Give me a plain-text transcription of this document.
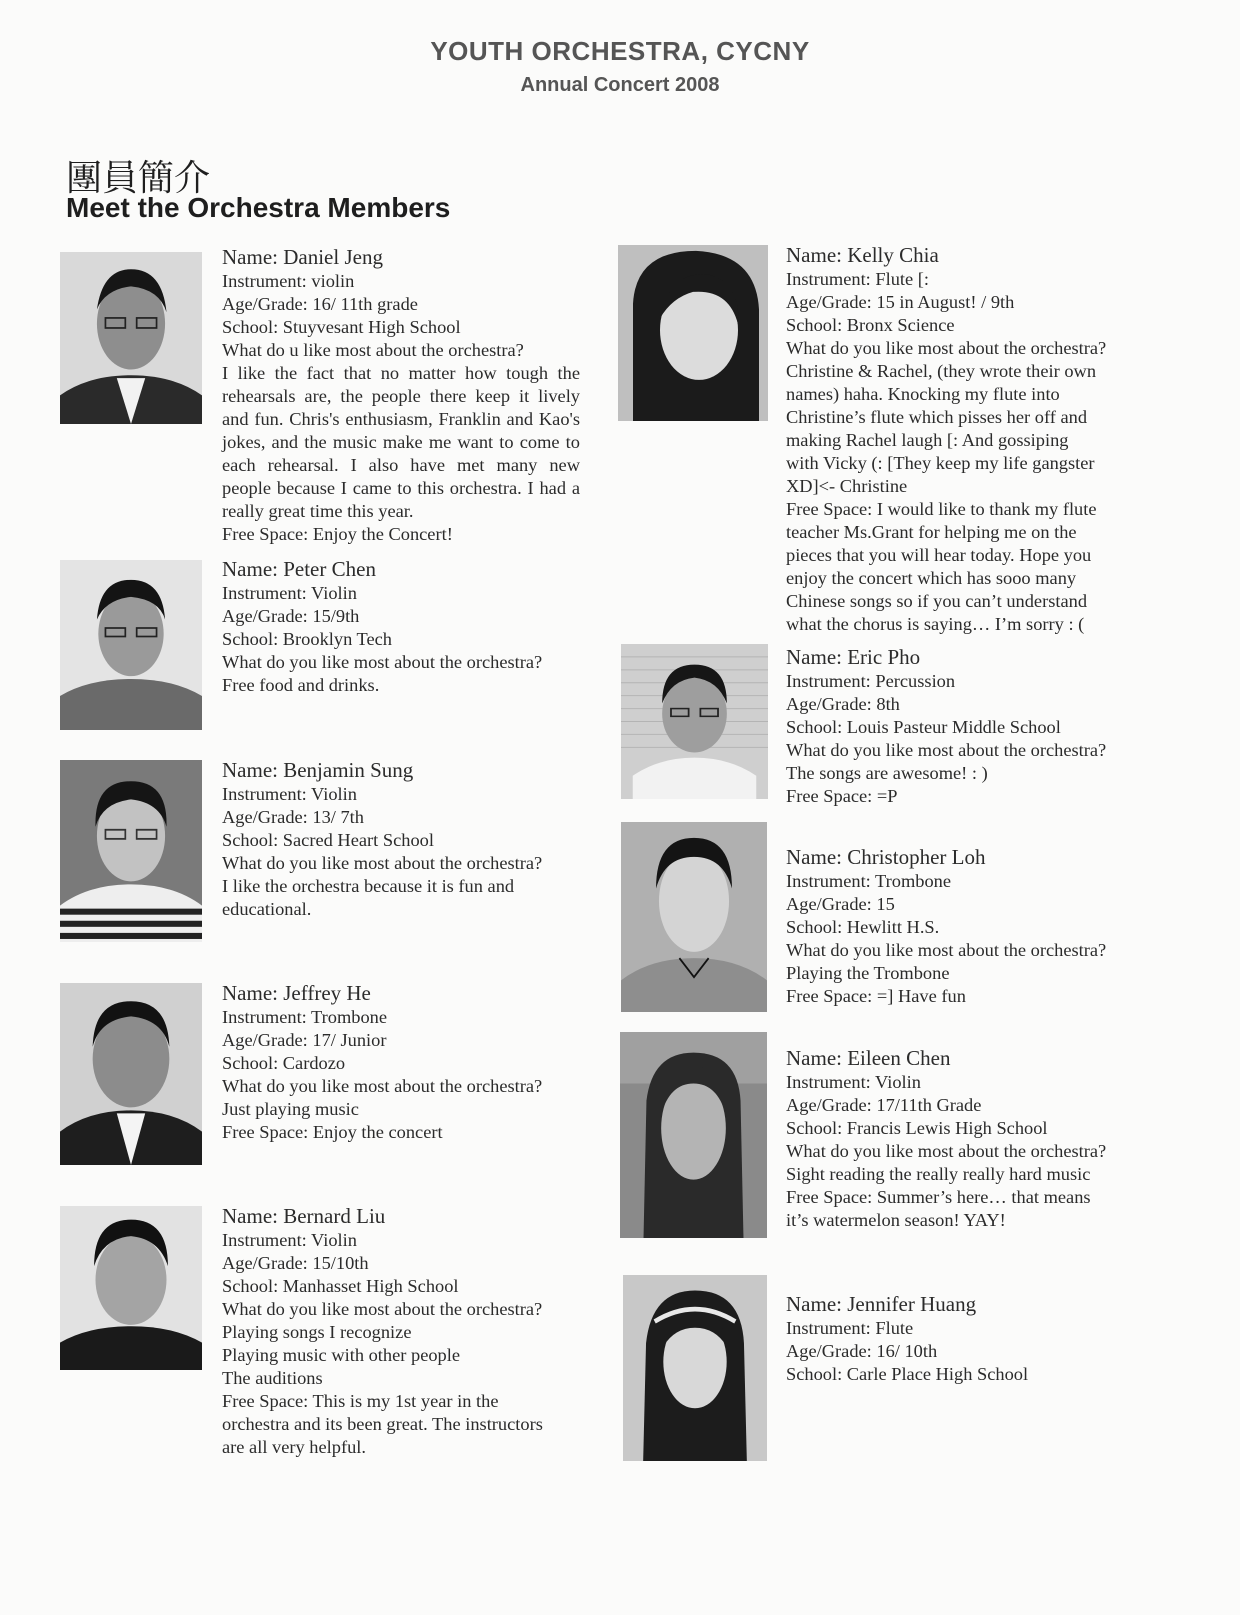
YOUTH ORCHESTRA, CYCNY
Annual Concert 2008
團員簡介
Meet the Orchestra Members
Name: Daniel Jeng
Instrument: violin
Age/Grade: 16/ 11th grade
School: Stuyvesant High School
What do u like most about the orchestra?
I like the fact that no matter how tough the rehearsals are, the people there keep it lively and fun. Chris's enthusiasm, Franklin and Kao's jokes, and the music make me want to come to each rehearsal. I also have met many new people because I came to this orchestra. I had a really great time this year.
Free Space: Enjoy the Concert!
Name: Peter Chen
Instrument: Violin
Age/Grade: 15/9th
School: Brooklyn Tech
What do you like most about the orchestra?
Free food and drinks.
Name: Benjamin Sung
Instrument: Violin
Age/Grade: 13/ 7th
School: Sacred Heart School
What do you like most about the orchestra?
I like the orchestra because it is fun and
educational.
Name: Jeffrey He
Instrument: Trombone
Age/Grade: 17/ Junior
School: Cardozo
What do you like most about the orchestra?
Just playing music
Free Space: Enjoy the concert
Name: Bernard Liu
Instrument: Violin
Age/Grade: 15/10th
School: Manhasset High School
What do you like most about the orchestra?
Playing songs I recognize
Playing music with other people
The auditions
Free Space: This is my 1st year in the
orchestra and its been great. The instructors
are all very helpful.
Name: Kelly Chia
Instrument: Flute [:
Age/Grade: 15 in August! / 9th
School: Bronx Science
What do you like most about the orchestra?
Christine & Rachel, (they wrote their own
names) haha. Knocking my flute into
Christine’s flute which pisses her off and
making Rachel laugh [: And gossiping
with Vicky (: [They keep my life gangster
XD]<- Christine
Free Space: I would like to thank my flute
teacher Ms.Grant for helping me on the
pieces that you will hear today. Hope you
enjoy the concert which has sooo many
Chinese songs so if you can’t understand
what the chorus is saying… I’m sorry : (
Name: Eric Pho
Instrument: Percussion
Age/Grade: 8th
School: Louis Pasteur Middle School
What do you like most about the orchestra?
The songs are awesome! : )
Free Space: =P
Name: Christopher Loh
Instrument: Trombone
Age/Grade: 15
School: Hewlitt H.S.
What do you like most about the orchestra?
Playing the Trombone
Free Space: =] Have fun
Name: Eileen Chen
Instrument: Violin
Age/Grade: 17/11th Grade
School: Francis Lewis High School
What do you like most about the orchestra?
Sight reading the really really hard music
Free Space: Summer’s here… that means
it’s watermelon season! YAY!
Name: Jennifer Huang
Instrument: Flute
Age/Grade: 16/ 10th
School: Carle Place High School
